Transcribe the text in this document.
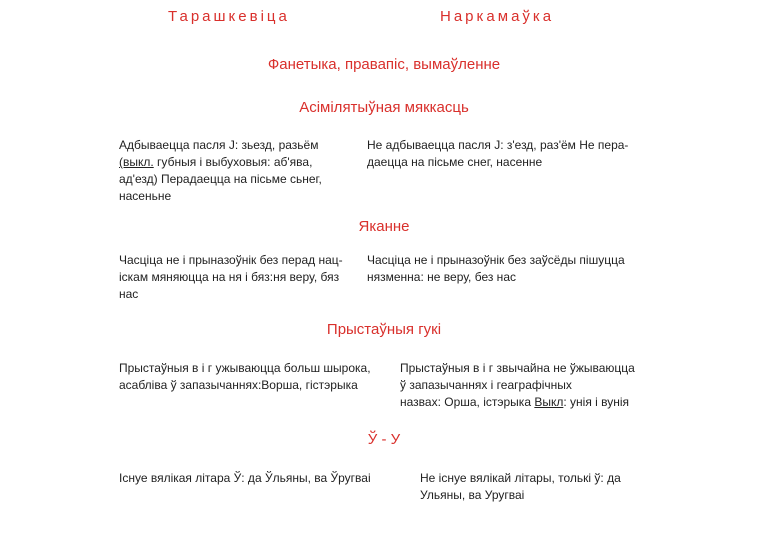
Тарашкевіца	Наркамаўка
Фанетыка, правапіс, вымаўленне
Асімілятыўная мяккасць

Адбываецца пасля J: зьезд, разьём

(выкл. губныя і выбуховыя: аб'ява,

ад'езд) Перадаецца на пісьме сьнег,

насеньне

Не адбываецца пасля J: з'езд, раз'ём Не пера-

даецца на пісьме снег, насенне

Яканне

Часціца не і прыназоўнік без перад нац-

іскам мяняюцца на ня і бяз:ня веру, бяз

нас

Часціца не і прыназоўнік без заўсёды пішуцца

нязменна: не веру, без нас

Прыстаўныя гукі

Прыстаўныя в і г ужываюцца больш шырока,

асабліва ў запазычаннях:Ворша, гістэрыка

Прыстаўныя в і г звычайна не ўжываюцца

ў запазычаннях і геаграфічных

назвах: Орша, істэрыка Выкл: унія і вунія

Ў - У

Існуе вялікая літара Ў: да Ўльяны, ва Ўругваі	Не існуе вялікай літары, толькі ў: да

Ульяны, ва Уругваі
